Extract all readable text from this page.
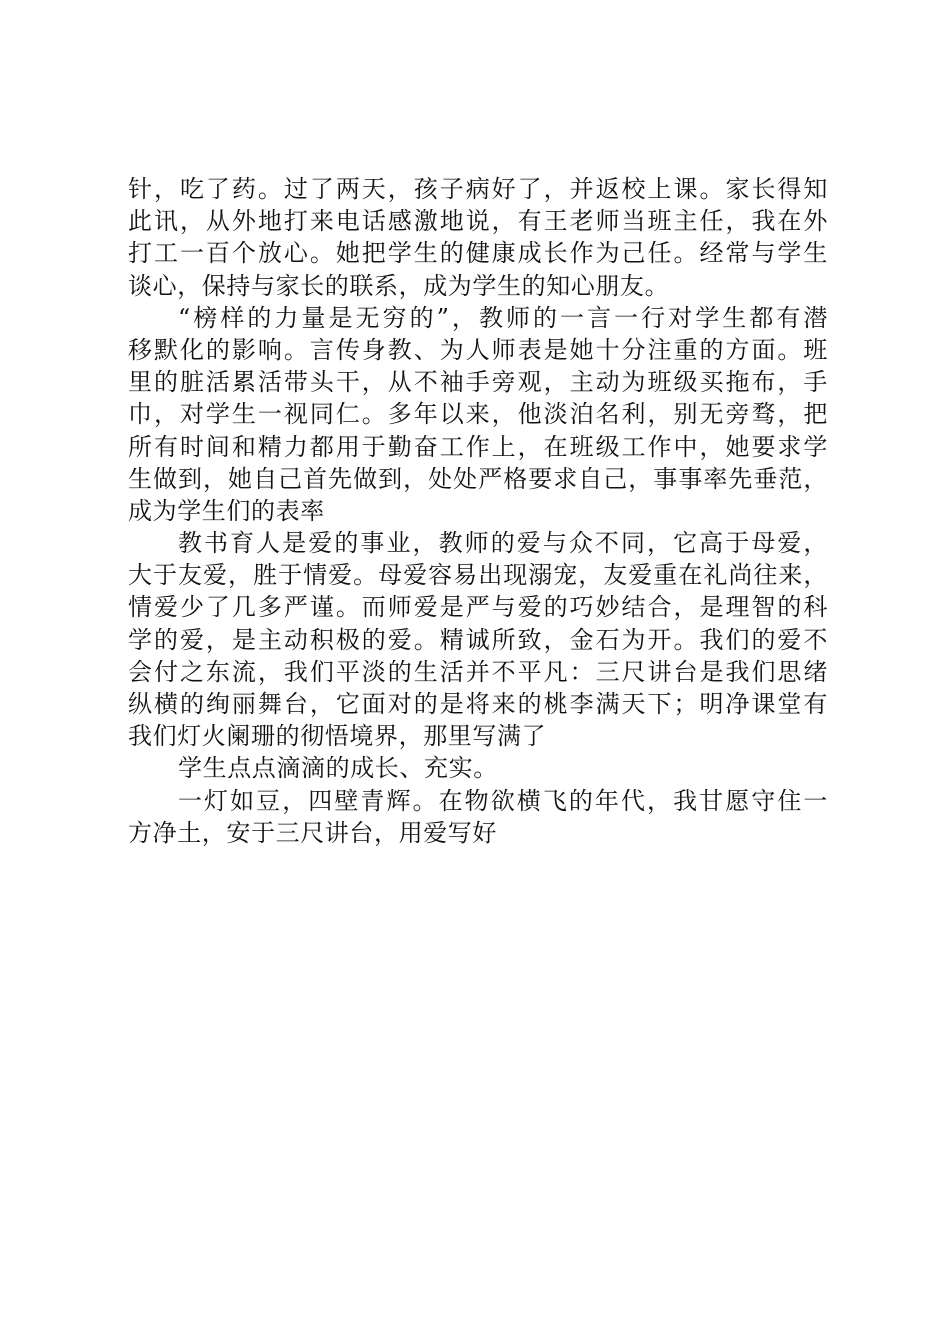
针，吃了药。过了两天，孩子病好了，并返校上课。家长得知
此讯，从外地打来电话感激地说，有王老师当班主任，我在外
打工一百个放心。她把学生的健康成长作为己任。经常与学生
谈心，保持与家长的联系，成为学生的知心朋友。
“榜样的力量是无穷的”，教师的一言一行对学生都有潜
移默化的影响。言传身教、为人师表是她十分注重的方面。班
里的脏活累活带头干，从不袖手旁观，主动为班级买拖布，手
巾，对学生一视同仁。多年以来，他淡泊名利，别无旁骛，把
所有时间和精力都用于勤奋工作上，在班级工作中，她要求学
生做到，她自己首先做到，处处严格要求自己，事事率先垂范，
成为学生们的表率
教书育人是爱的事业，教师的爱与众不同，它高于母爱，
大于友爱，胜于情爱。母爱容易出现溺宠，友爱重在礼尚往来，
情爱少了几多严谨。而师爱是严与爱的巧妙结合，是理智的科
学的爱，是主动积极的爱。精诚所致，金石为开。我们的爱不
会付之东流，我们平淡的生活并不平凡：三尺讲台是我们思绪
纵横的绚丽舞台，它面对的是将来的桃李满天下；明净课堂有
我们灯火阑珊的彻悟境界，那里写满了
学生点点滴滴的成长、充实。
一灯如豆，四壁青辉。在物欲横飞的年代，我甘愿守住一
方净土，安于三尺讲台，用爱写好
